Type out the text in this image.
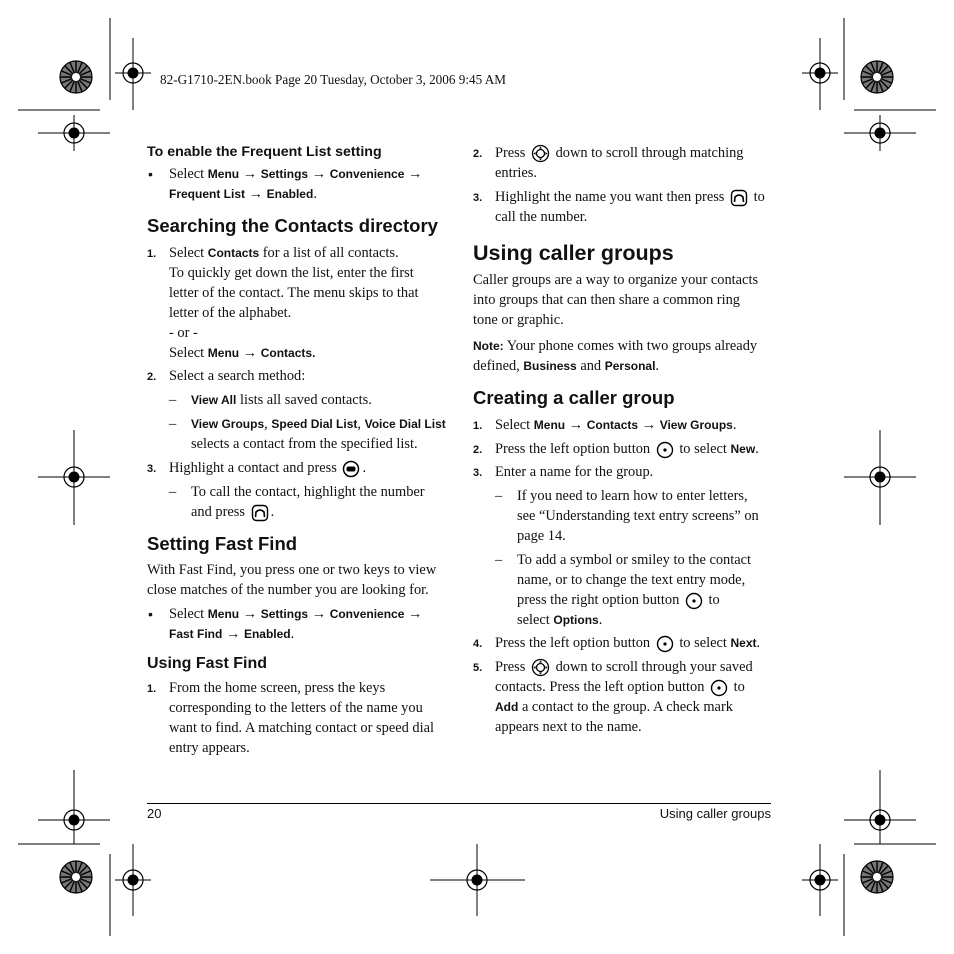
82-G1710-2EN.book Page 20 Tuesday, October 3, 2006 9:45 AM
To enable the Frequent List setting
• Select Menu → Settings → Convenience →
Frequent List → Enabled.
Searching the Contacts directory
1. Select Contacts for a list of all contacts.
To quickly get down the list, enter the first
letter of the contact. The menu skips to that
letter of the alphabet.
- or -
Select Menu → Contacts.
2. Select a search method:
– View All lists all saved contacts.
– View Groups, Speed Dial List, Voice Dial List
selects a contact from the specified list.
3. Highlight a contact and press .
– To call the contact, highlight the number
and press .
Setting Fast Find
With Fast Find, you press one or two keys to view
close matches of the number you are looking for.
• Select Menu → Settings → Convenience →
Fast Find → Enabled.
Using Fast Find
1. From the home screen, press the keys
corresponding to the letters of the name you
want to find. A matching contact or speed dial
entry appears.
2. Press down to scroll through matching
entries.
3. Highlight the name you want then press to
call the number.
Using caller groups
Caller groups are a way to organize your contacts
into groups that can then share a common ring
tone or graphic.
Note: Your phone comes with two groups already
defined, Business and Personal.
Creating a caller group
1. Select Menu → Contacts → View Groups.
2. Press the left option button to select New.
3. Enter a name for the group.
– If you need to learn how to enter letters,
see “Understanding text entry screens” on
page 14.
– To add a symbol or smiley to the contact
name, or to change the text entry mode,
press the right option button to
select Options.
4. Press the left option button to select Next.
5. Press down to scroll through your saved
contacts. Press the left option button to
Add a contact to the group. A check mark
appears next to the name.
20	Using caller groups
